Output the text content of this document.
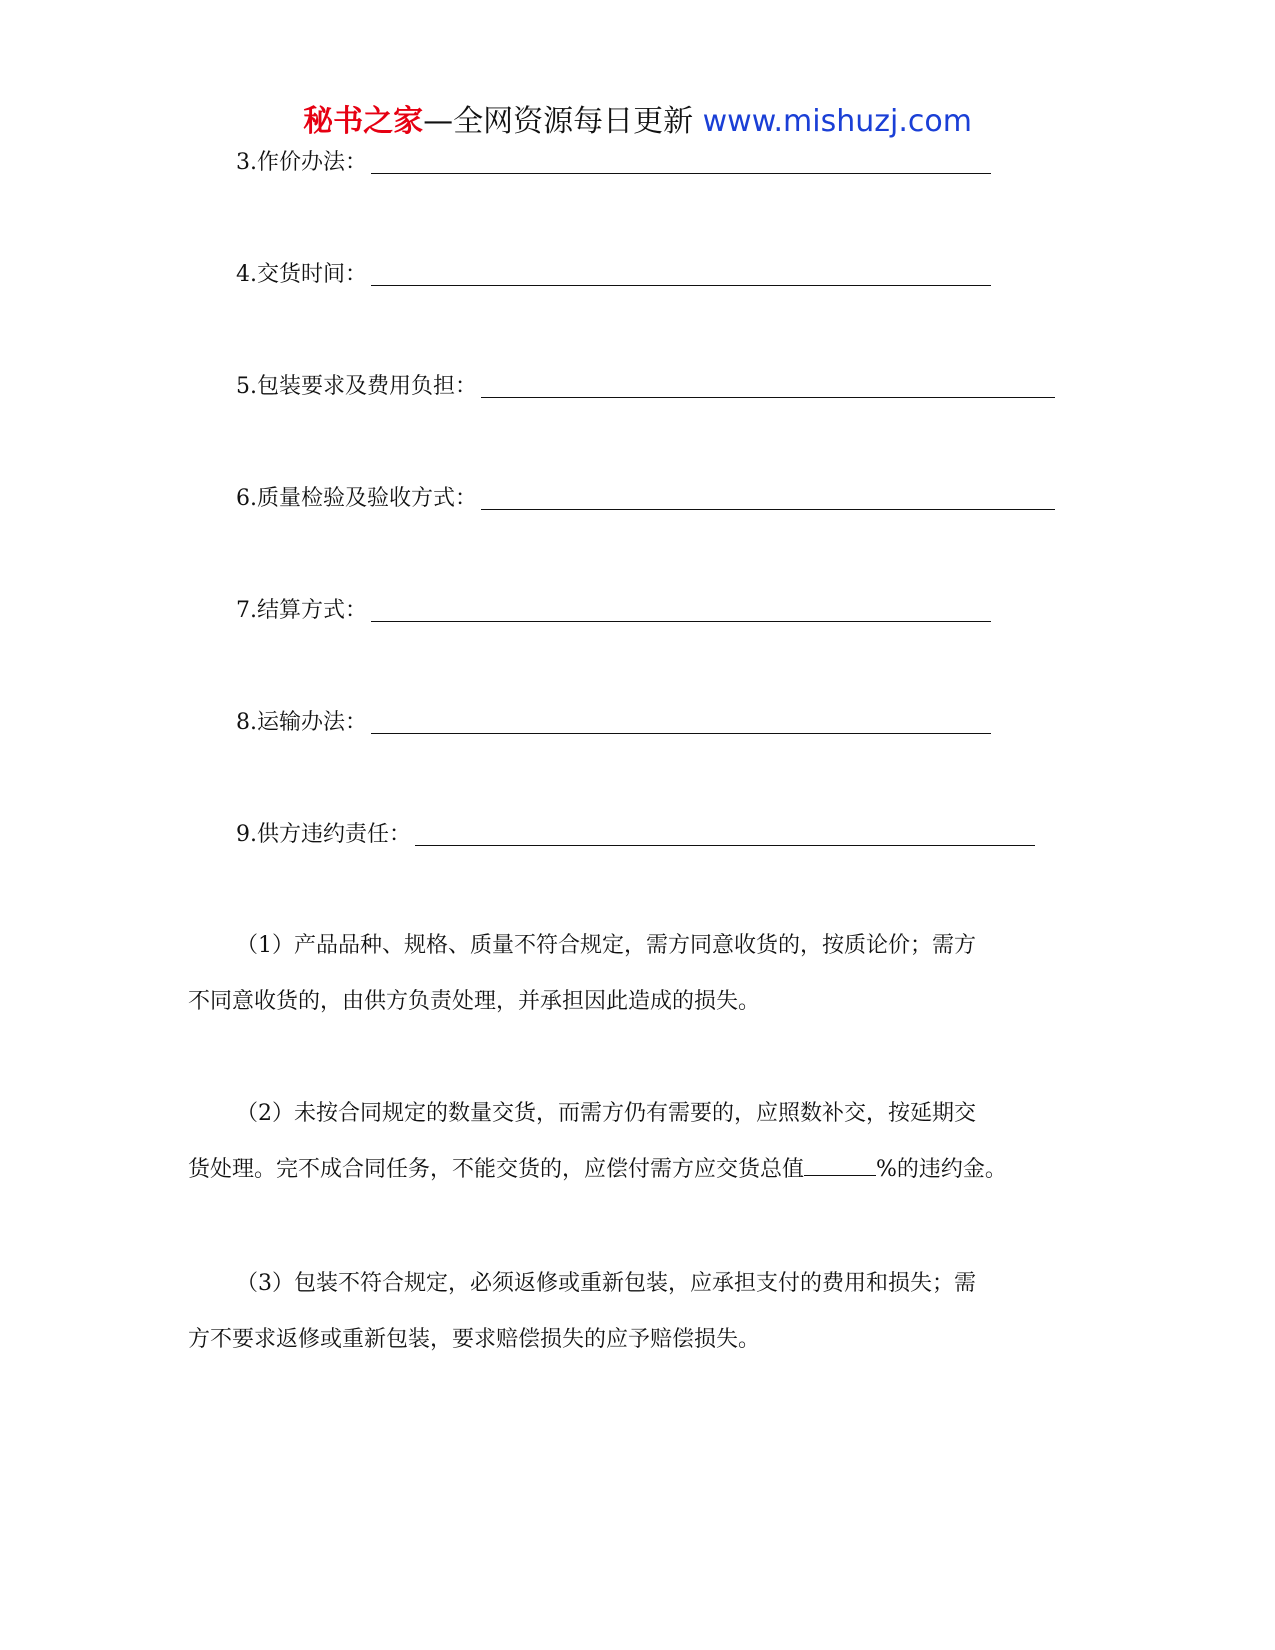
秘书之家—全网资源每日更新 www.mishuzj.com
3.作价办法：
4.交货时间：
5.包装要求及费用负担：
6.质量检验及验收方式：
7.结算方式：
8.运输办法：
9.供方违约责任：
（1）产品品种、规格、质量不符合规定，需方同意收货的，按质论价；需方
不同意收货的，由供方负责处理，并承担因此造成的损失。
（2）未按合同规定的数量交货，而需方仍有需要的，应照数补交，按延期交
货处理。完不成合同任务，不能交货的，应偿付需方应交货总值	%的违约金。
（3）包装不符合规定，必须返修或重新包装，应承担支付的费用和损失；需
方不要求返修或重新包装，要求赔偿损失的应予赔偿损失。
